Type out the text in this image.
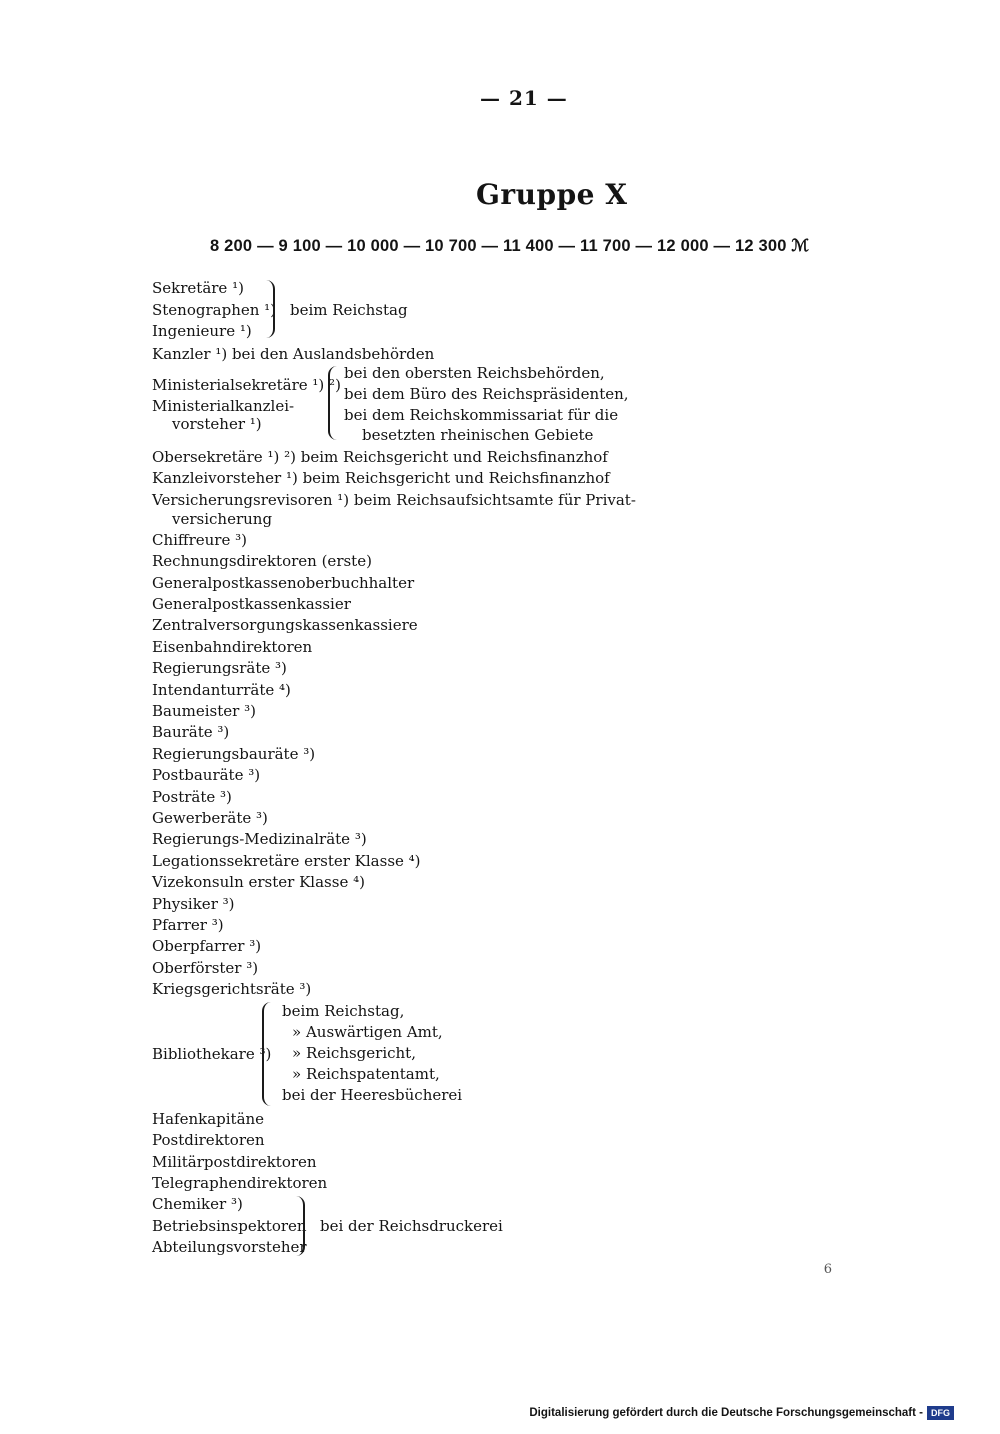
— 21 —
Gruppe X
8 200 — 9 100 — 10 000 — 10 700 — 11 400 — 11 700 — 12 000 — 12 300 ℳ
Sekretäre ¹)
Stenographen ¹)
Ingenieure ¹)
beim Reichstag
Kanzler ¹) bei den Auslandsbehörden
Ministerialsekretäre ¹) ²)
Ministerialkanzlei-
vorsteher ¹)
bei den obersten Reichsbehörden,
bei dem Büro des Reichspräsidenten,
bei dem Reichskommissariat für die
besetzten rheinischen Gebiete
Obersekretäre ¹) ²) beim Reichsgericht und Reichsfinanzhof
Kanzleivorsteher ¹) beim Reichsgericht und Reichsfinanzhof
Versicherungsrevisoren ¹) beim Reichsaufsichtsamte für Privat-
versicherung
Chiffreure ³)
Rechnungsdirektoren (erste)
Generalpostkassenoberbuchhalter
Generalpostkassenkassier
Zentralversorgungskassenkassiere
Eisenbahndirektoren
Regierungsräte ³)
Intendanturräte ⁴)
Baumeister ³)
Bauräte ³)
Regierungsbauräte ³)
Postbauräte ³)
Posträte ³)
Gewerberäte ³)
Regierungs-Medizinalräte ³)
Legationssekretäre erster Klasse ⁴)
Vizekonsuln erster Klasse ⁴)
Physiker ³)
Pfarrer ³)
Oberpfarrer ³)
Oberförster ³)
Kriegsgerichtsräte ³)
Bibliothekare ³)
beim Reichstag,
» Auswärtigen Amt,
» Reichsgericht,
» Reichspatentamt,
bei der Heeresbücherei
Hafenkapitäne
Postdirektoren
Militärpostdirektoren
Telegraphendirektoren
Chemiker ³)
Betriebsinspektoren
Abteilungsvorsteher
bei der Reichsdruckerei
6
Digitalisierung gefördert durch die Deutsche Forschungsgemeinschaft - DFG
